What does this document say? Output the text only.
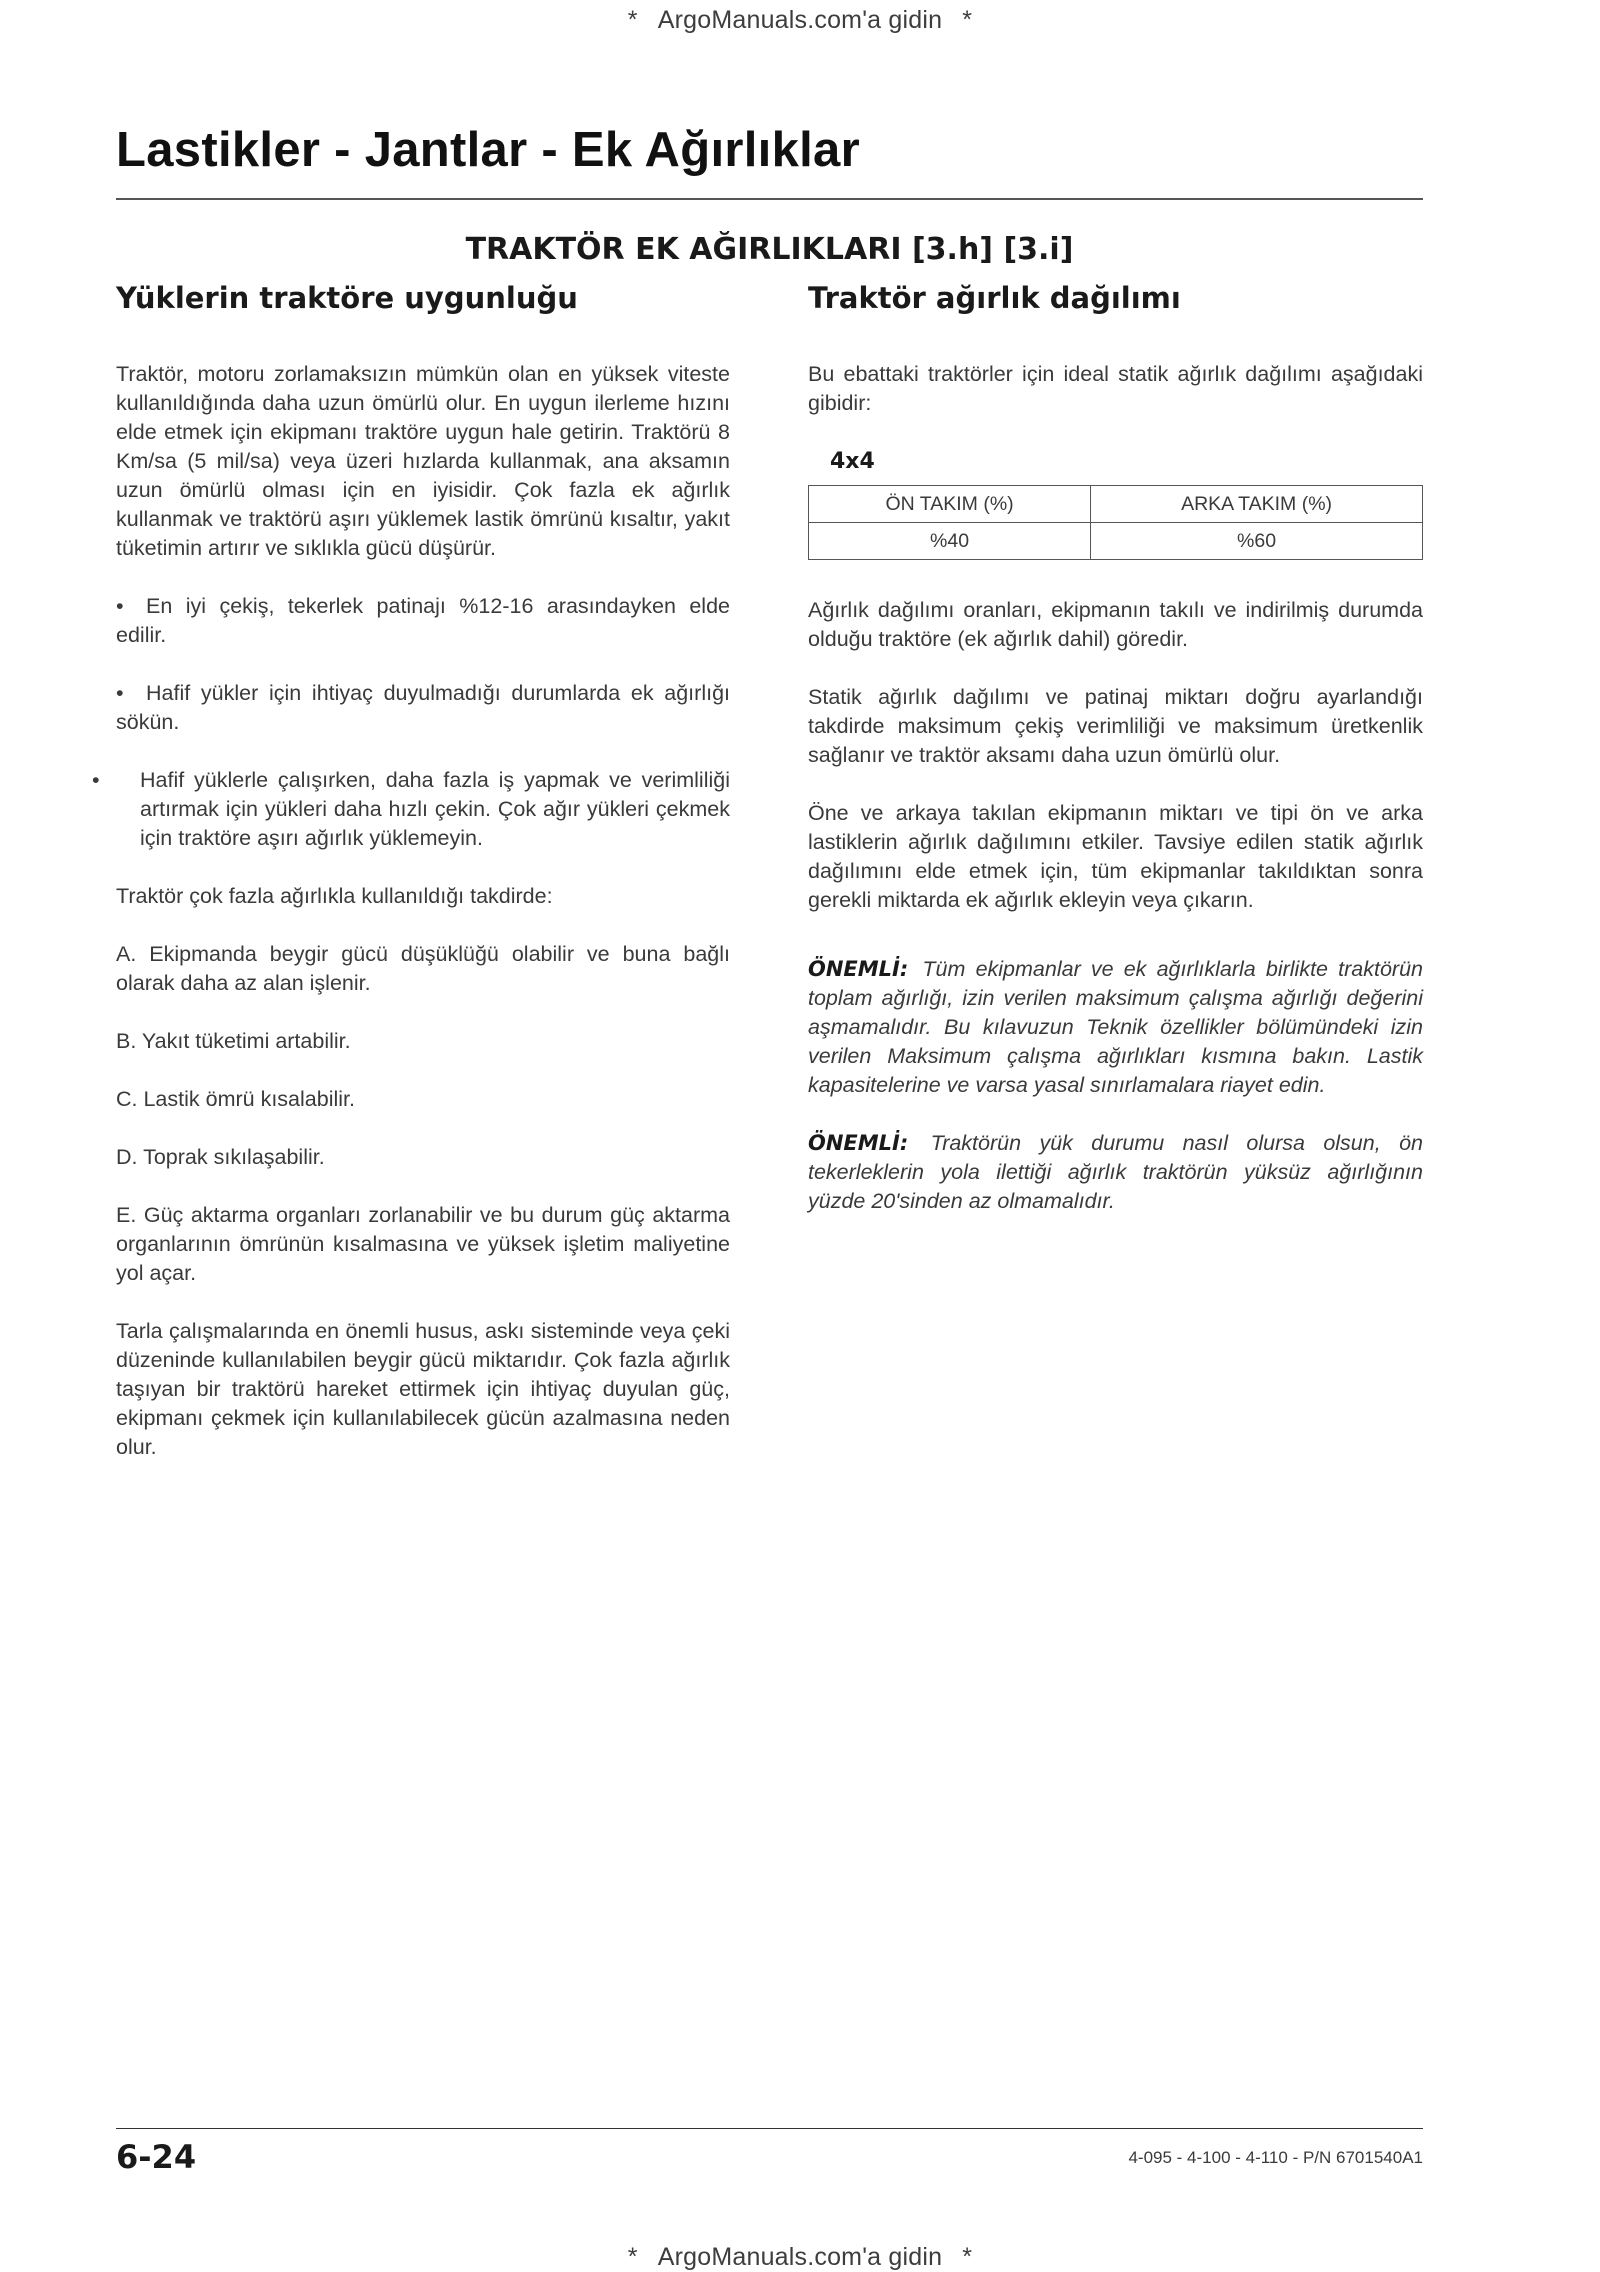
* ArgoManuals.com'a gidin *
Lastikler - Jantlar - Ek Ağırlıklar
TRAKTÖR EK AĞIRLIKLARI [3.h] [3.i]
Yüklerin traktöre uygunluğu

Traktör, motoru zorlamaksızın mümkün olan en yüksek viteste kullanıldığında daha uzun ömürlü olur. En uygun ilerleme hızını elde etmek için ekipmanı traktöre uygun hale getirin. Traktörü 8 Km/sa (5 mil/sa) veya üzeri hızlarda kullanmak, ana aksamın uzun ömürlü olması için en iyisidir. Çok fazla ek ağırlık kullanmak ve traktörü aşırı yüklemek lastik ömrünü kısaltır, yakıt tüketimin artırır ve sıklıkla gücü düşürür.

• En iyi çekiş, tekerlek patinajı %12-16 arasındayken elde edilir.

• Hafif yükler için ihtiyaç duyulmadığı durumlarda ek ağırlığı sökün.

• Hafif yüklerle çalışırken, daha fazla iş yapmak ve verimliliği artırmak için yükleri daha hızlı çekin. Çok ağır yükleri çekmek için traktöre aşırı ağırlık yüklemeyin.

Traktör çok fazla ağırlıkla kullanıldığı takdirde:

A. Ekipmanda beygir gücü düşüklüğü olabilir ve buna bağlı olarak daha az alan işlenir.

B. Yakıt tüketimi artabilir.

C. Lastik ömrü kısalabilir.

D. Toprak sıkılaşabilir.

E. Güç aktarma organları zorlanabilir ve bu durum güç aktarma organlarının ömrünün kısalmasına ve yüksek işletim maliyetine yol açar.

Tarla çalışmalarında en önemli husus, askı sisteminde veya çeki düzeninde kullanılabilen beygir gücü miktarıdır. Çok fazla ağırlık taşıyan bir traktörü hareket ettirmek için ihtiyaç duyulan güç, ekipmanı çekmek için kullanılabilecek gücün azalmasına neden olur.

Traktör ağırlık dağılımı

Bu ebattaki traktörler için ideal statik ağırlık dağılımı aşağıdaki gibidir:

4x4
ÖN TAKIM (%)	ARKA TAKIM (%)
%40	%60

Ağırlık dağılımı oranları, ekipmanın takılı ve indirilmiş durumda olduğu traktöre (ek ağırlık dahil) göredir.

Statik ağırlık dağılımı ve patinaj miktarı doğru ayarlandığı takdirde maksimum çekiş verimliliği ve maksimum üretkenlik sağlanır ve traktör aksamı daha uzun ömürlü olur.

Öne ve arkaya takılan ekipmanın miktarı ve tipi ön ve arka lastiklerin ağırlık dağılımını etkiler. Tavsiye edilen statik ağırlık dağılımını elde etmek için, tüm ekipmanlar takıldıktan sonra gerekli miktarda ek ağırlık ekleyin veya çıkarın.

ÖNEMLİ: Tüm ekipmanlar ve ek ağırlıklarla birlikte traktörün toplam ağırlığı, izin verilen maksimum çalışma ağırlığı değerini aşmamalıdır. Bu kılavuzun Teknik özellikler bölümündeki izin verilen Maksimum çalışma ağırlıkları kısmına bakın. Lastik kapasitelerine ve varsa yasal sınırlamalara riayet edin.

ÖNEMLİ: Traktörün yük durumu nasıl olursa olsun, ön tekerleklerin yola ilettiği ağırlık traktörün yüksüz ağırlığının yüzde 20'sinden az olmamalıdır.

6-24	4-095 - 4-100 - 4-110 - P/N 6701540A1
* ArgoManuals.com'a gidin *
